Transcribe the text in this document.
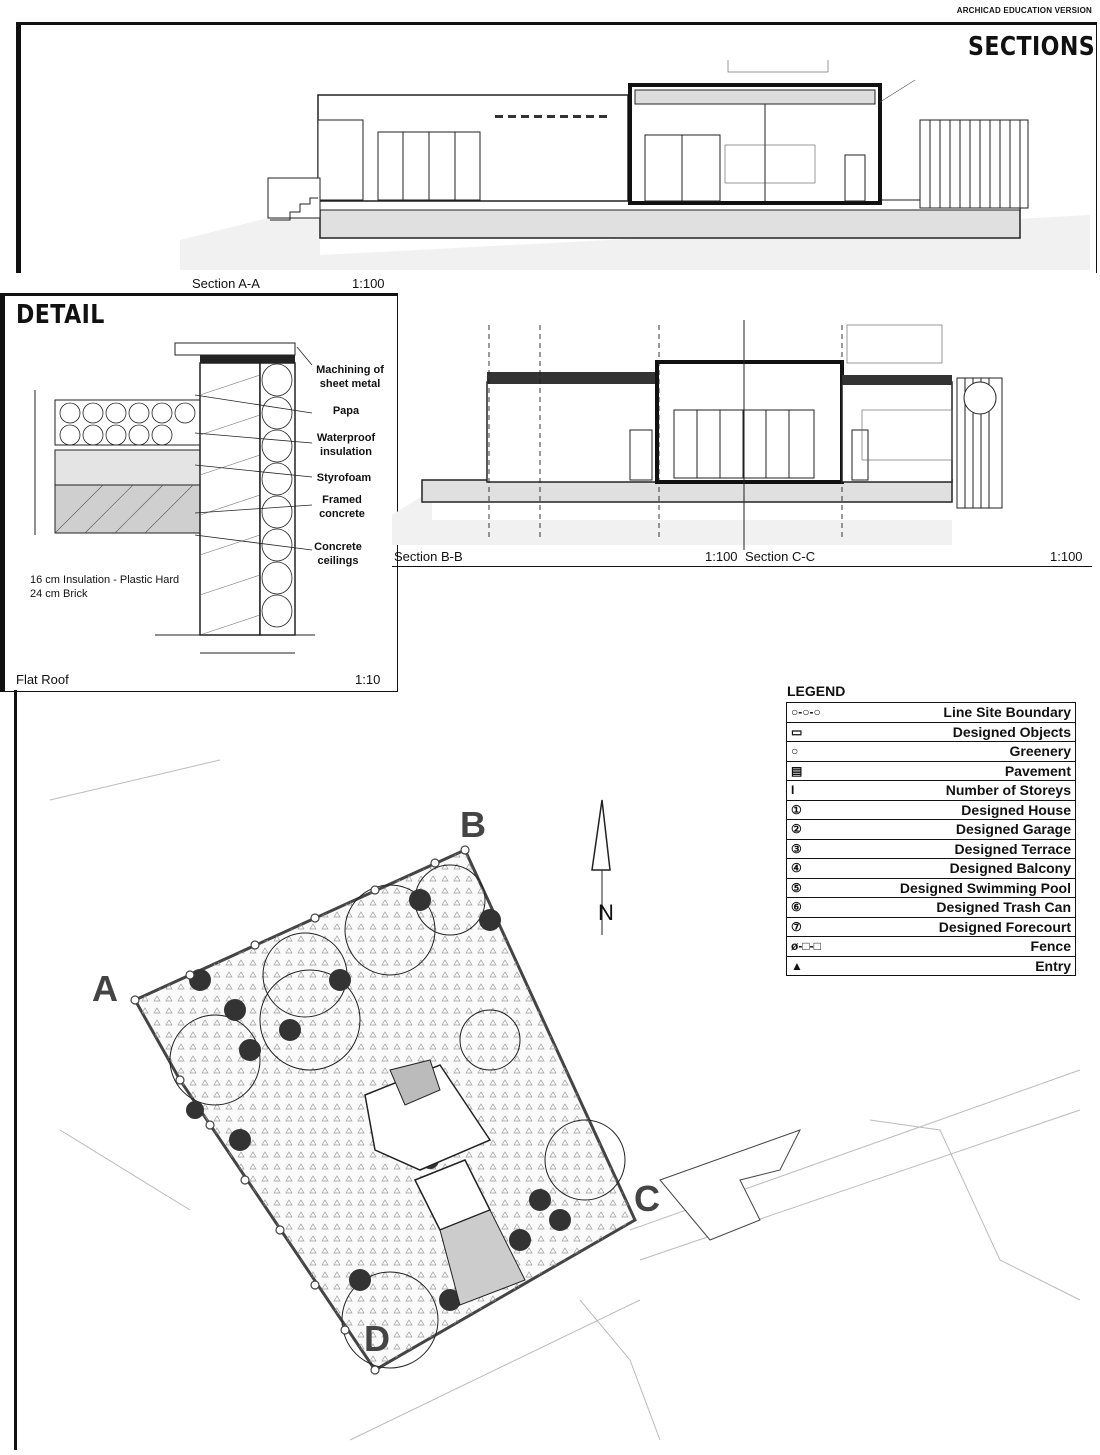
ARCHICAD EDUCATION VERSION
SECTIONS
Section A-A	1:100
DETAIL
Machining of sheet metal
Papa
Waterproof insulation
Styrofoam
Framed concrete
Concrete ceilings
16 cm Insulation - Plastic Hard
24 cm Brick
Flat Roof	1:10
Section B-B	1:100 Section C-C	1:100
A
B
C
D
N
LEGEND
○-○-○	Line Site Boundary
▭	Designed Objects
○	Greenery
▤	Pavement
I	Number of Storeys
①	Designed House
②	Designed Garage
③	Designed Terrace
④	Designed Balcony
⑤	Designed Swimming Pool
⑥	Designed Trash Can
⑦	Designed Forecourt
ø-□-□	Fence
▲	Entry
